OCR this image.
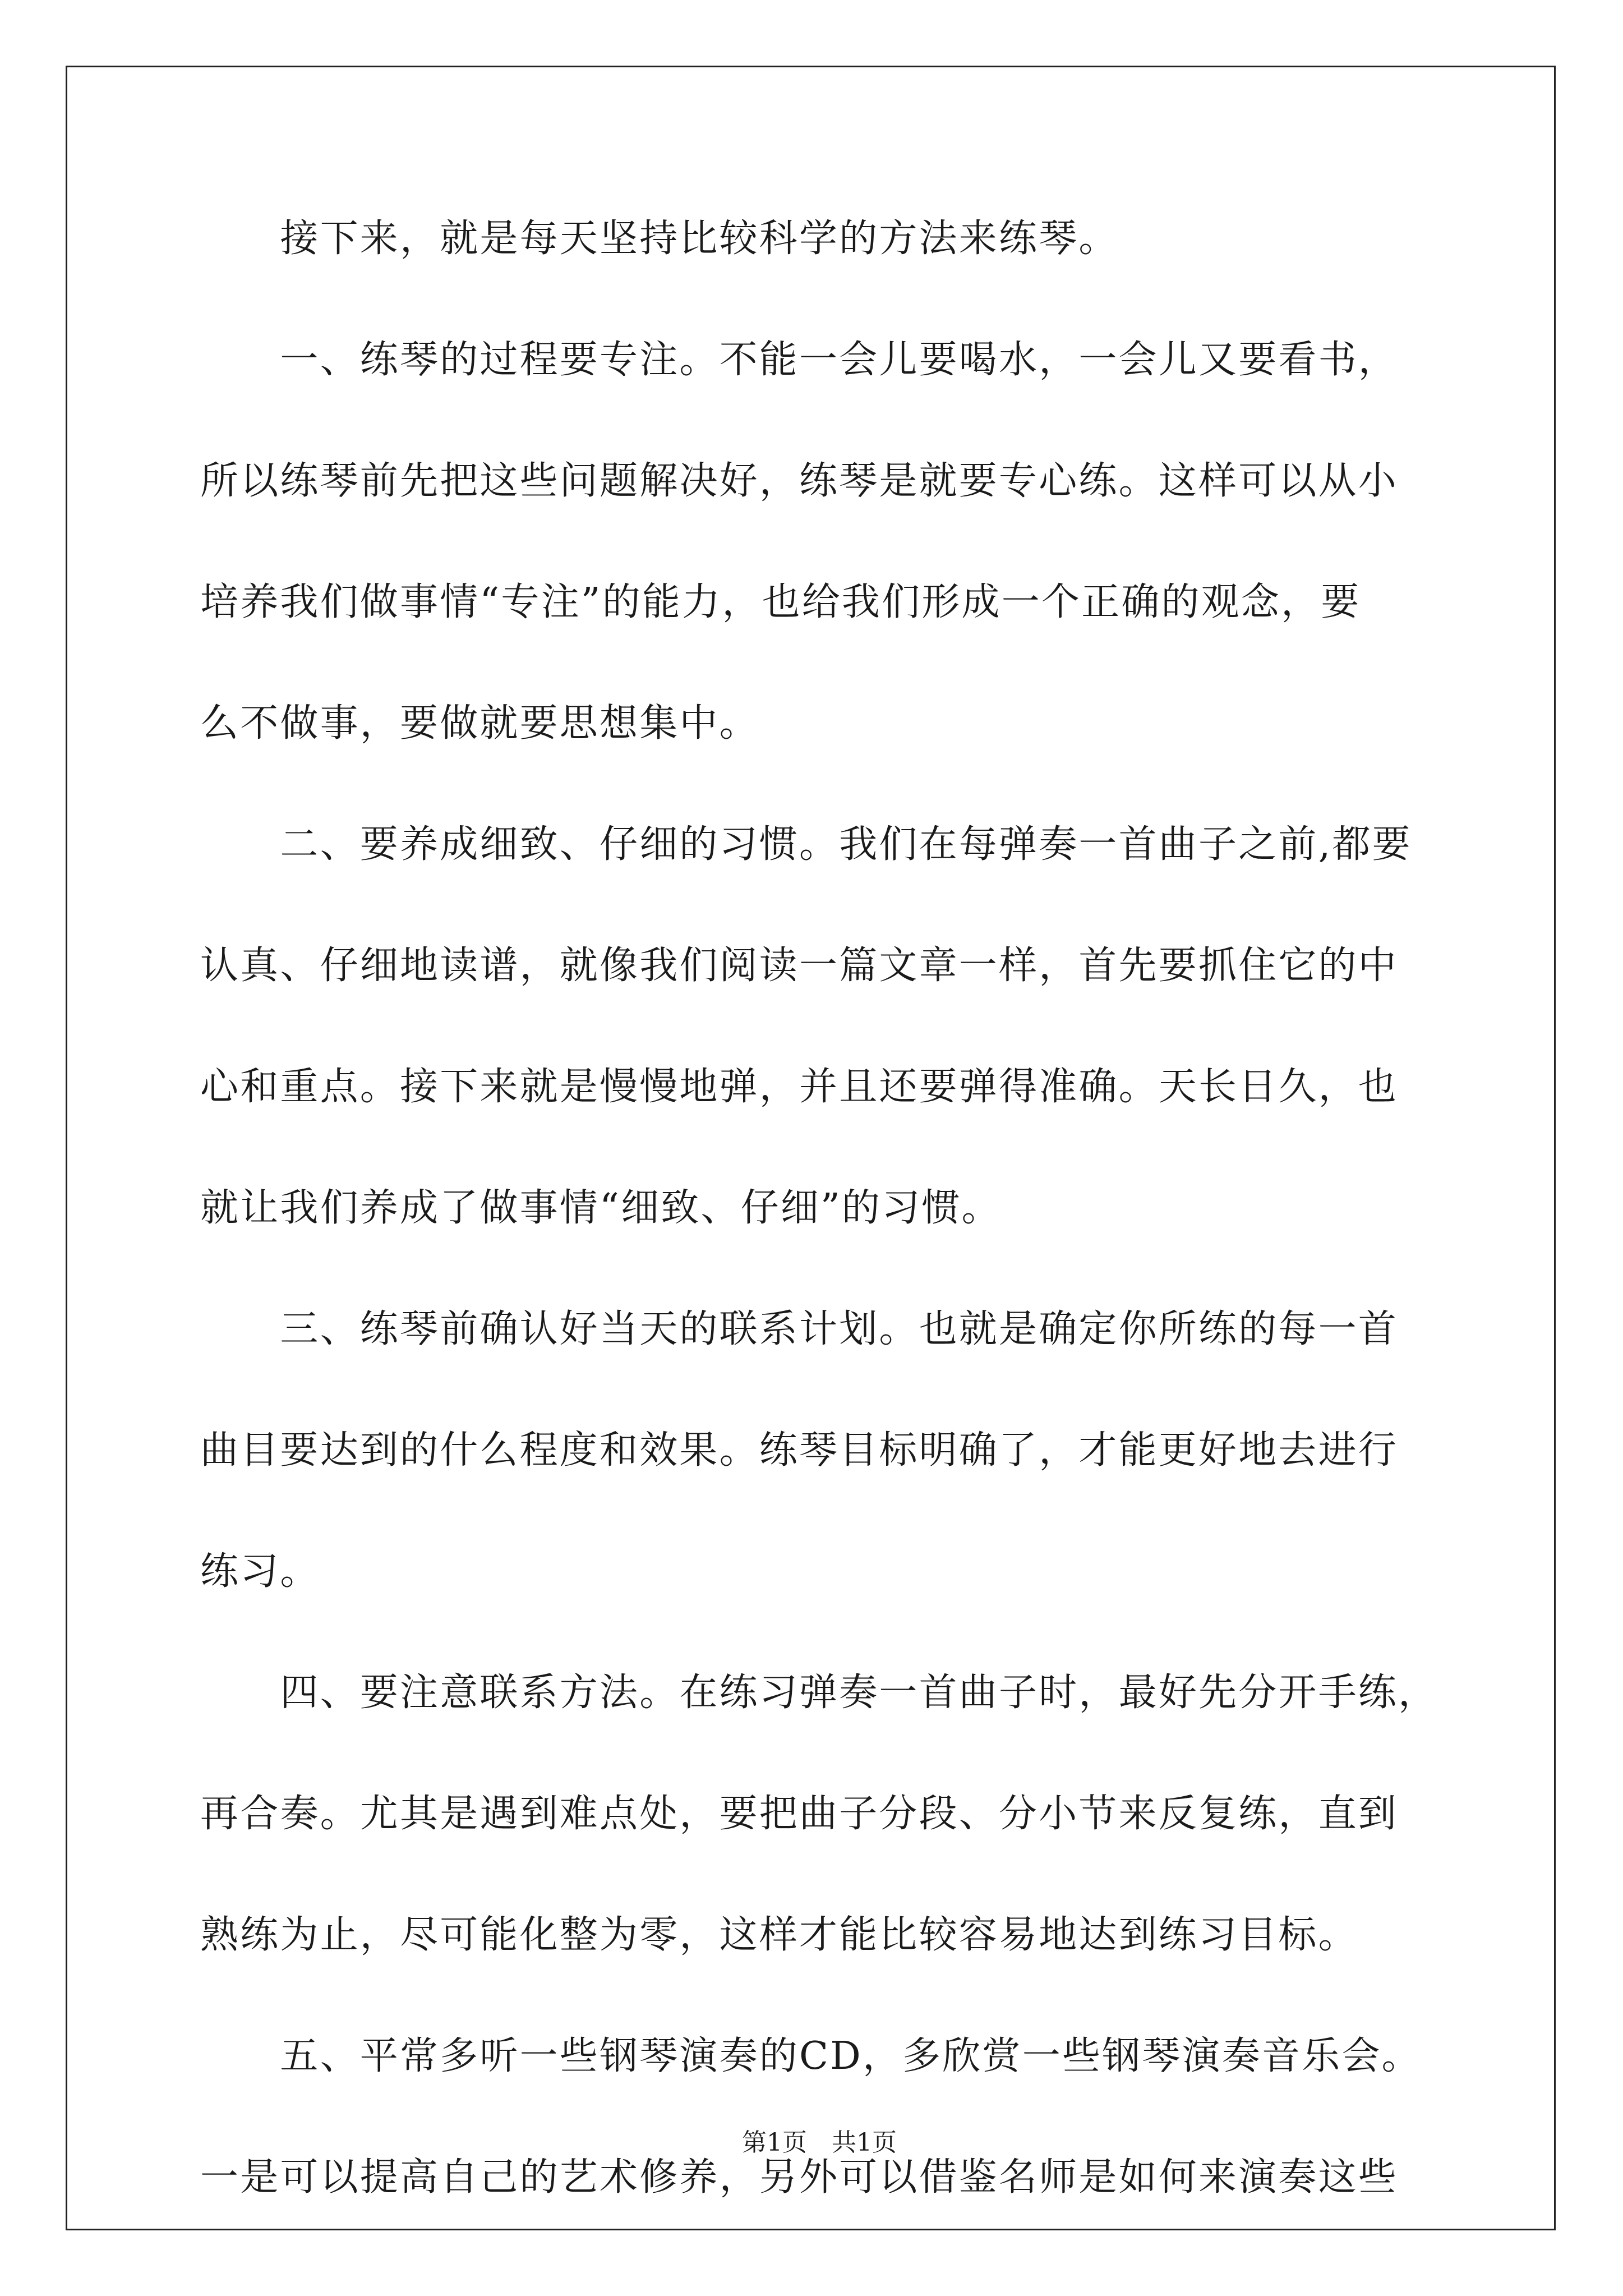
　　接下来，就是每天坚持比较科学的方法来练琴。
　　一、练琴的过程要专注。不能一会儿要喝水，一会儿又要看书，
所以练琴前先把这些问题解决好，练琴是就要专心练。这样可以从小
培养我们做事情“专注”的能力，也给我们形成一个正确的观念，要
么不做事，要做就要思想集中。
　　二、要养成细致、仔细的习惯。我们在每弹奏一首曲子之前,都要
认真、仔细地读谱，就像我们阅读一篇文章一样，首先要抓住它的中
心和重点。接下来就是慢慢地弹，并且还要弹得准确。天长日久，也
就让我们养成了做事情“细致、仔细”的习惯。
　　三、练琴前确认好当天的联系计划。也就是确定你所练的每一首
曲目要达到的什么程度和效果。练琴目标明确了，才能更好地去进行
练习。
　　四、要注意联系方法。在练习弹奏一首曲子时，最好先分开手练，
再合奏。尤其是遇到难点处，要把曲子分段、分小节来反复练，直到
熟练为止，尽可能化整为零，这样才能比较容易地达到练习目标。
　　五、平常多听一些钢琴演奏的CD，多欣赏一些钢琴演奏音乐会。
一是可以提高自己的艺术修养，另外可以借鉴名师是如何来演奏这些

第1页　共1页
